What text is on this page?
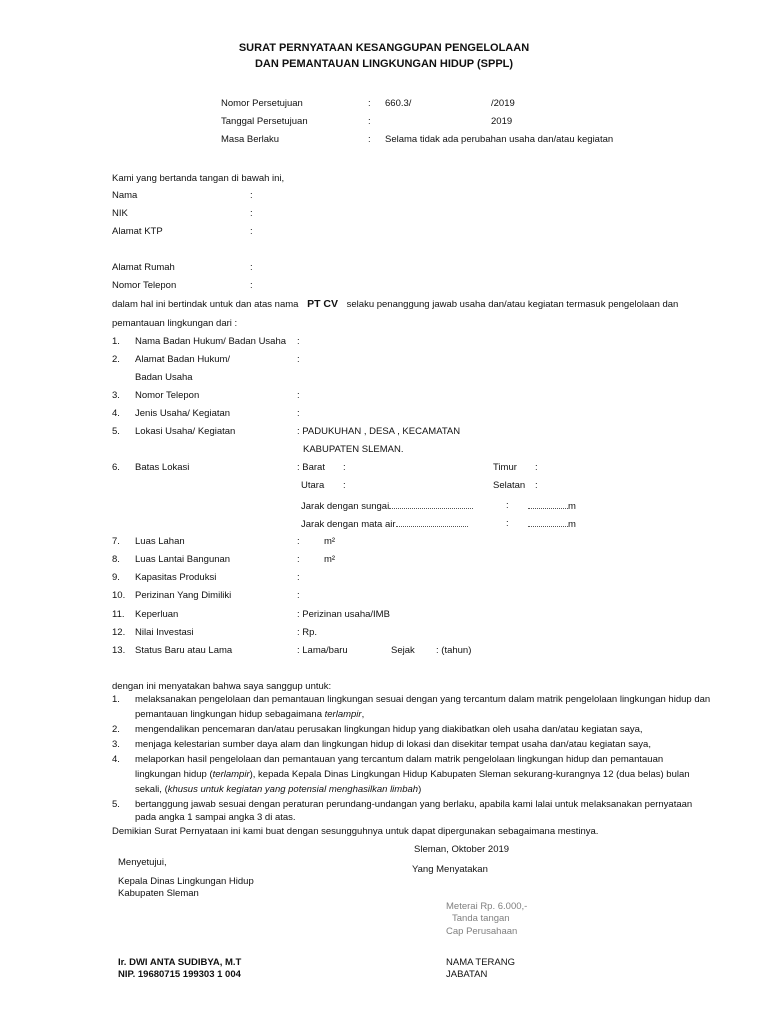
SURAT PERNYATAAN KESANGGUPAN PENGELOLAAN
DAN PEMANTAUAN LINGKUNGAN HIDUP (SPPL)
Nomor Persetujuan	: 660.3/	/2019
Tanggal Persetujuan	:	2019
Masa Berlaku	: Selama tidak ada perubahan usaha dan/atau kegiatan
Kami yang bertanda tangan di bawah ini,
Nama	:
NIK	:
Alamat KTP	:
Alamat Rumah	:
Nomor Telepon	:
dalam hal ini bertindak untuk dan atas nama PT CV selaku penanggung jawab usaha dan/atau kegiatan termasuk pengelolaan dan
pemantauan lingkungan dari :
1. Nama Badan Hukum/ Badan Usaha :
2. Alamat Badan Hukum/	:
Badan Usaha
3. Nomor Telepon	:
4. Jenis Usaha/ Kegiatan	:
5. Lokasi Usaha/ Kegiatan	: PADUKUHAN , DESA , KECAMATAN
KABUPATEN SLEMAN.
6. Batas Lokasi	: Barat :	Timur :
Utara :	Selatan :
Jarak dengan sungai	:	m
Jarak dengan mata air	:	m
7. Luas Lahan	:	m²
8. Luas Lantai Bangunan	:	m²
9. Kapasitas Produksi	:
10. Perizinan Yang Dimiliki	:
11. Keperluan	: Perizinan usaha/IMB
12. Nilai Investasi	: Rp.
13. Status Baru atau Lama	: Lama/baru	Sejak : (tahun)
dengan ini menyatakan bahwa saya sanggup untuk:
1. melaksanakan pengelolaan dan pemantauan lingkungan sesuai dengan yang tercantum dalam matrik pengelolaan lingkungan hidup dan
pemantauan lingkungan hidup sebagaimana terlampir,
2. mengendalikan pencemaran dan/atau perusakan lingkungan hidup yang diakibatkan oleh usaha dan/atau kegiatan saya,
3. menjaga kelestarian sumber daya alam dan lingkungan hidup di lokasi dan disekitar tempat usaha dan/atau kegiatan saya,
4. melaporkan hasil pengelolaan dan pemantauan yang tercantum dalam matrik pengelolaan lingkungan hidup dan pemantauan
lingkungan hidup (terlampir), kepada Kepala Dinas Lingkungan Hidup Kabupaten Sleman sekurang-kurangnya 12 (dua belas) bulan
sekali, (khusus untuk kegiatan yang potensial menghasilkan limbah)
5. bertanggung jawab sesuai dengan peraturan perundang-undangan yang berlaku, apabila kami lalai untuk melaksanakan pernyataan
pada angka 1 sampai angka 3 di atas.
Demikian Surat Pernyataan ini kami buat dengan sesungguhnya untuk dapat dipergunakan sebagaimana mestinya.
Sleman, Oktober 2019
Yang Menyatakan
Menyetujui,
Kepala Dinas Lingkungan Hidup
Kabupaten Sleman
Meterai Rp. 6.000,-
Tanda tangan
Cap Perusahaan
Ir. DWI ANTA SUDIBYA, M.T
NIP. 19680715 199303 1 004
NAMA TERANG
JABATAN
